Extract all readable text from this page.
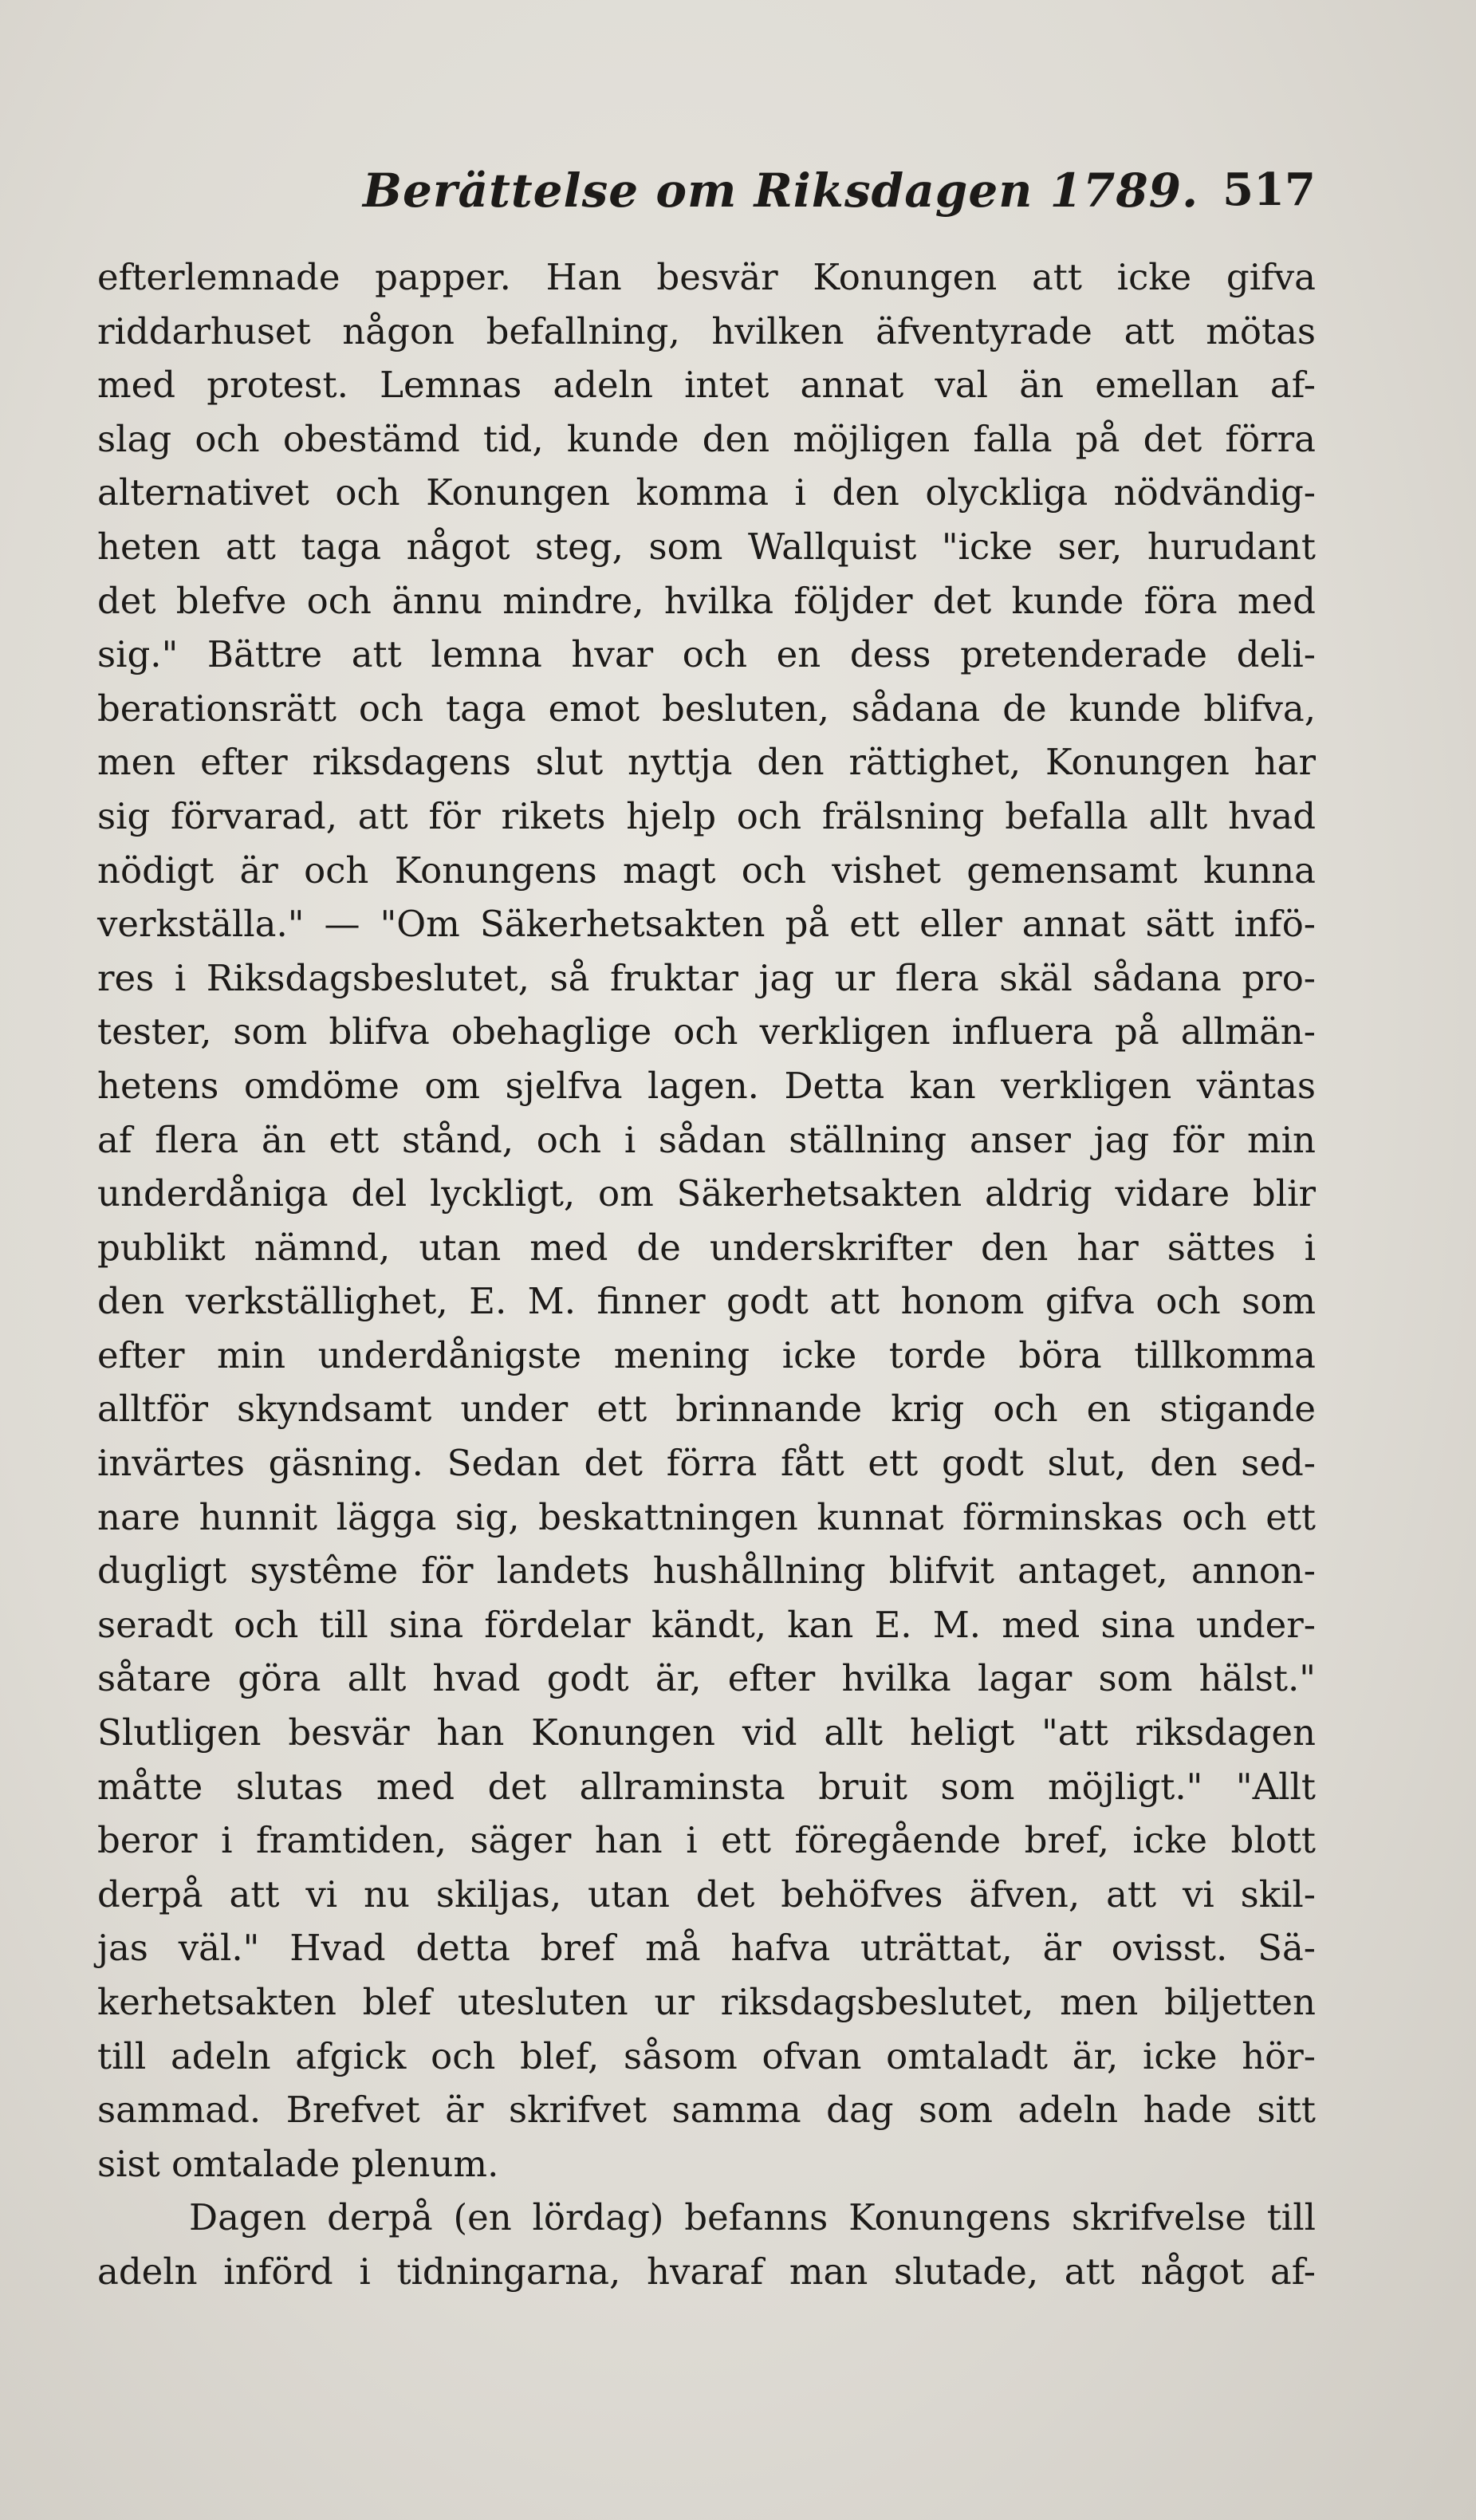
Berättelse om Riksdagen 1789. 517
efterlemnade papper. Han besvär Konungen att icke gifva
riddarhuset någon befallning, hvilken äfventyrade att mötas
med protest. Lemnas adeln intet annat val än emellan af-
slag och obestämd tid, kunde den möjligen falla på det förra
alternativet och Konungen komma i den olyckliga nödvändig-
heten att taga något steg, som Wallquist "icke ser, hurudant
det blefve och ännu mindre, hvilka följder det kunde föra med
sig." Bättre att lemna hvar och en dess pretenderade deli-
berationsrätt och taga emot besluten, sådana de kunde blifva,
men efter riksdagens slut nyttja den rättighet, Konungen har
sig förvarad, att för rikets hjelp och frälsning befalla allt hvad
nödigt är och Konungens magt och vishet gemensamt kunna
verkställa." — "Om Säkerhetsakten på ett eller annat sätt infö-
res i Riksdagsbeslutet, så fruktar jag ur flera skäl sådana pro-
tester, som blifva obehaglige och verkligen influera på allmän-
hetens omdöme om sjelfva lagen. Detta kan verkligen väntas
af flera än ett stånd, och i sådan ställning anser jag för min
underdåniga del lyckligt, om Säkerhetsakten aldrig vidare blir
publikt nämnd, utan med de underskrifter den har sättes i
den verkställighet, E. M. finner godt att honom gifva och som
efter min underdånigste mening icke torde böra tillkomma
alltför skyndsamt under ett brinnande krig och en stigande
invärtes gäsning. Sedan det förra fått ett godt slut, den sed-
nare hunnit lägga sig, beskattningen kunnat förminskas och ett
dugligt systême för landets hushållning blifvit antaget, annon-
seradt och till sina fördelar kändt, kan E. M. med sina under-
såtare göra allt hvad godt är, efter hvilka lagar som hälst."
Slutligen besvär han Konungen vid allt heligt "att riksdagen
måtte slutas med det allraminsta bruit som möjligt." "Allt
beror i framtiden, säger han i ett föregående bref, icke blott
derpå att vi nu skiljas, utan det behöfves äfven, att vi skil-
jas väl." Hvad detta bref må hafva uträttat, är ovisst. Sä-
kerhetsakten blef utesluten ur riksdagsbeslutet, men biljetten
till adeln afgick och blef, såsom ofvan omtaladt är, icke hör-
sammad. Brefvet är skrifvet samma dag som adeln hade sitt
sist omtalade plenum.
Dagen derpå (en lördag) befanns Konungens skrifvelse till
adeln införd i tidningarna, hvaraf man slutade, att något af-
